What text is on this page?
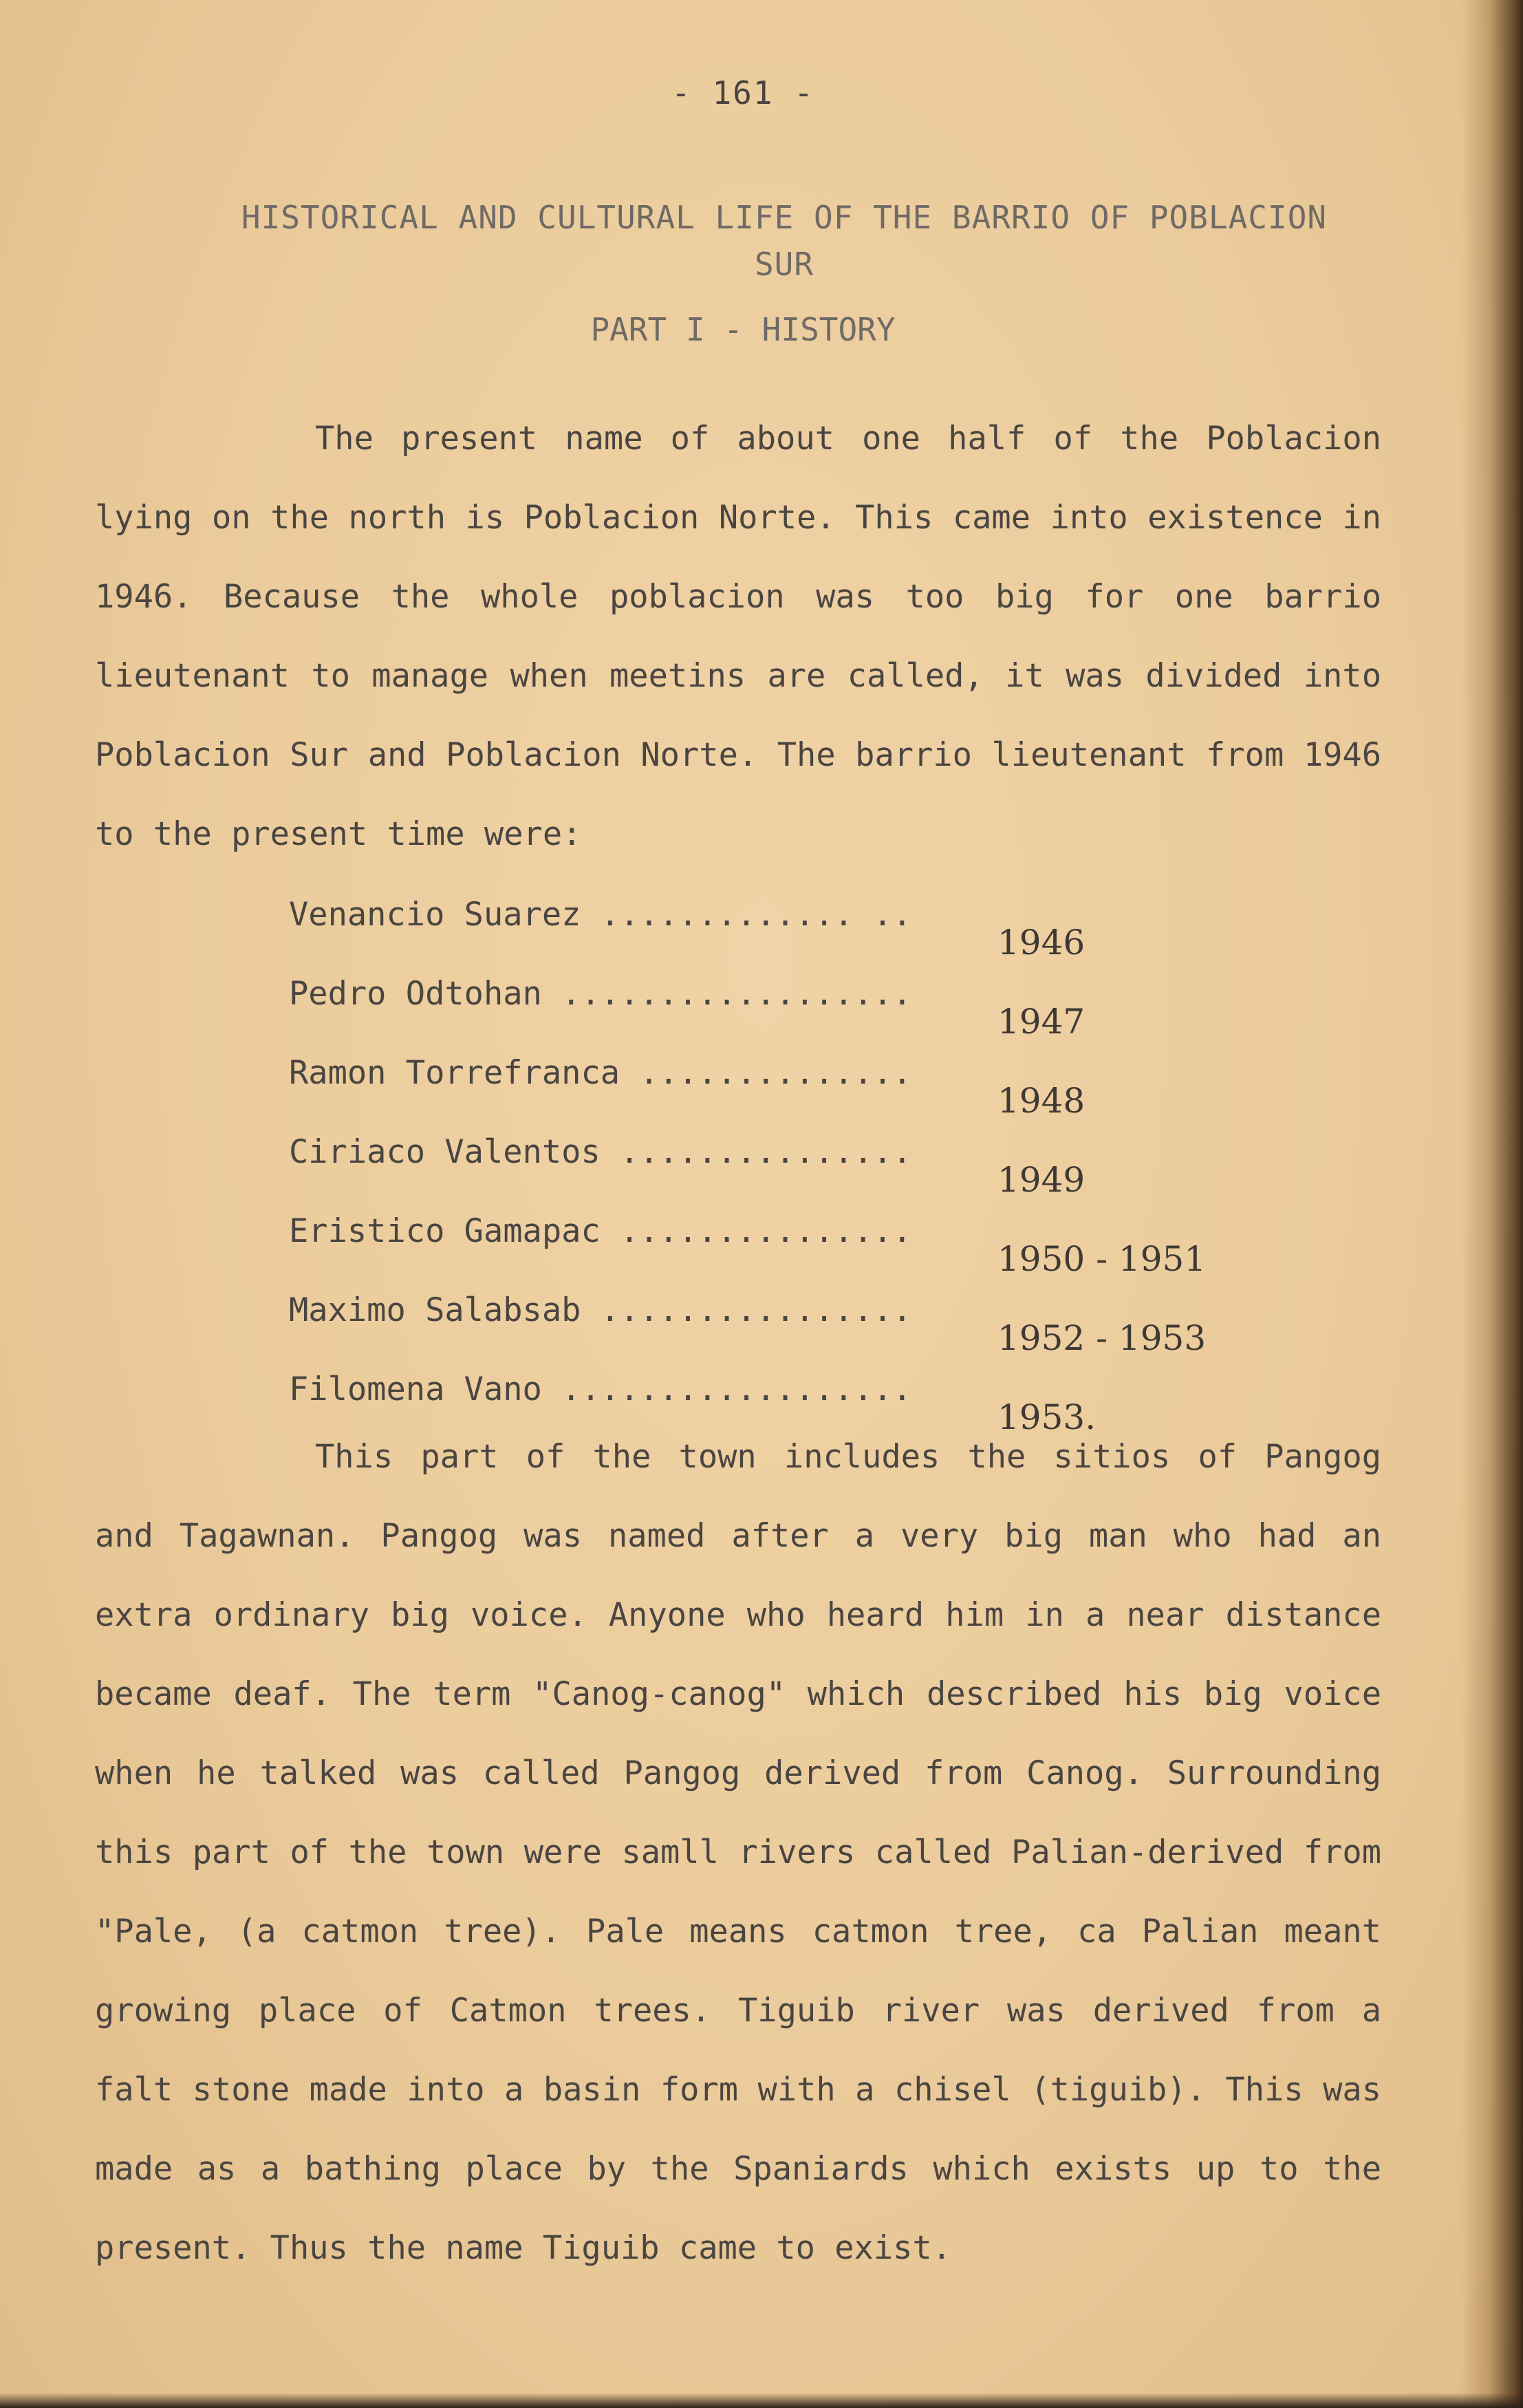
- 161 -
HISTORICAL AND CULTURAL LIFE OF THE BARRIO OF POBLACION
SUR
PART I - HISTORY

The present name of about one half of the Poblacion lying on the north is Poblacion Norte. This came into existence in 1946. Because the whole poblacion was too big for one barrio lieutenant to manage when meetins are called, it was divided into Poblacion Sur and Poblacion Norte. The barrio lieutenant from 1946 to the present time were:

Venancio Suarez ............. ..1946
Pedro Odtohan ..................1947
Ramon Torrefranca ..............1948
Ciriaco Valentos ...............1949
Eristico Gamapac ...............1950 - 1951
Maximo Salabsab ................1952 - 1953
Filomena Vano ..................1953.

This part of the town includes the sitios of Pangog and Tagawnan. Pangog was named after a very big man who had an extra ordinary big voice. Anyone who heard him in a near distance became deaf. The term "Canog-canog" which described his big voice when he talked was called Pangog derived from Canog. Surrounding this part of the town were samll rivers called Palian-derived from "Pale, (a catmon tree). Pale means catmon tree, ca Palian meant growing place of Catmon trees. Tiguib river was derived from a falt stone made into a basin form with a chisel (tiguib). This was made as a bathing place by the Spaniards which exists up to the present. Thus the name Tiguib came to exist.
